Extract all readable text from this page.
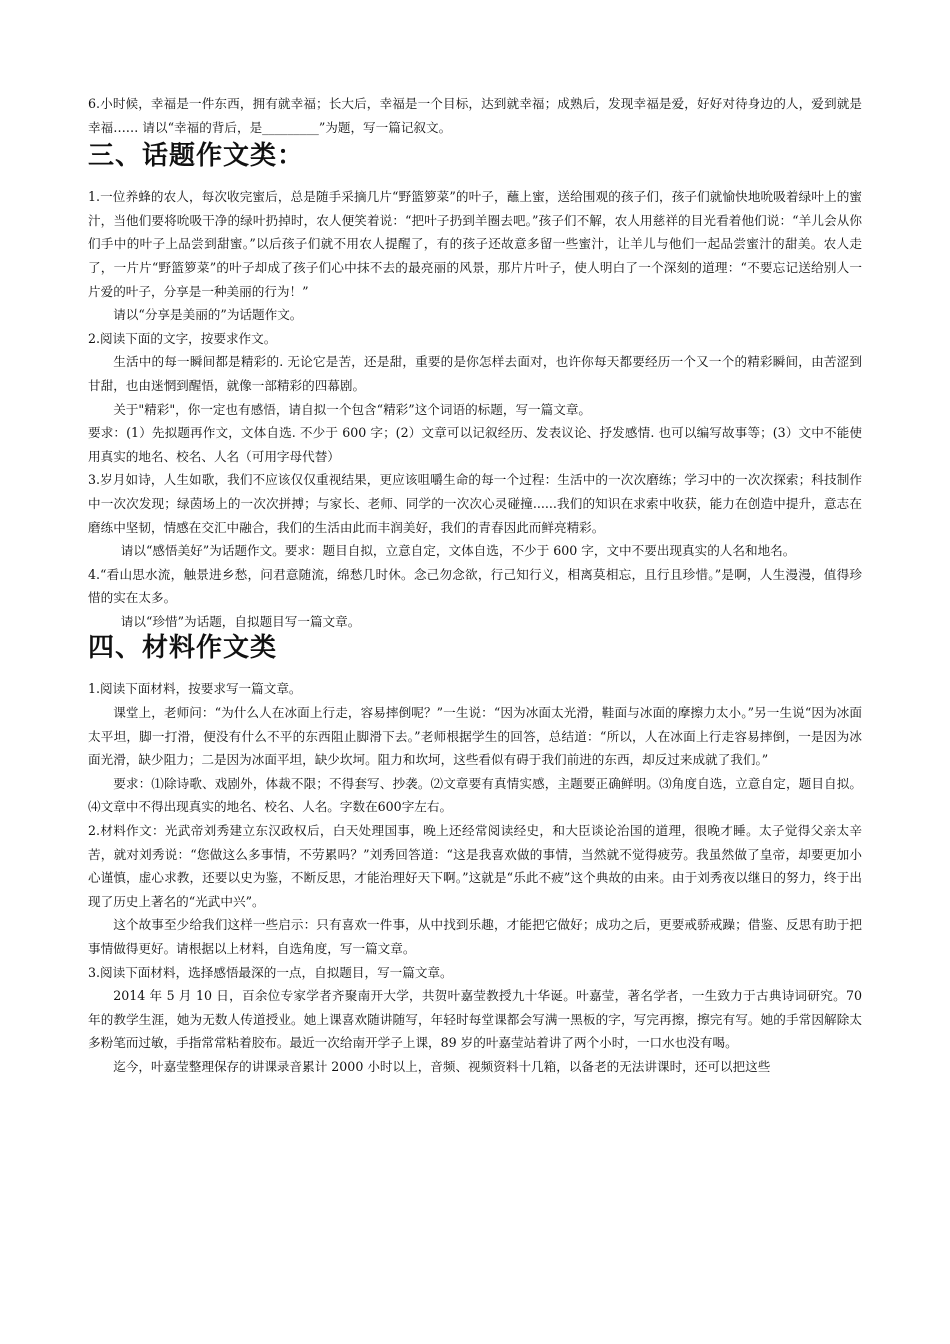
6.小时候，幸福是一件东西，拥有就幸福；长大后，幸福是一个目标，达到就幸福；成熟后，发现幸福是爱，好好对待身边的人，爱到就是幸福…… 请以“幸福的背后，是_________”为题，写一篇记叙文。

三、话题作文类：

1.一位养蜂的农人，每次收完蜜后，总是随手采摘几片“野篮箩菜”的叶子，蘸上蜜，送给围观的孩子们，孩子们就愉快地吮吸着绿叶上的蜜汁，当他们要将吮吸干净的绿叶扔掉时，农人便笑着说：“把叶子扔到羊圈去吧。”孩子们不解，农人用慈祥的目光看着他们说：“羊儿会从你们手中的叶子上品尝到甜蜜。”以后孩子们就不用农人提醒了，有的孩子还故意多留一些蜜汁，让羊儿与他们一起品尝蜜汁的甜美。农人走了，一片片“野篮箩菜”的叶子却成了孩子们心中抹不去的最亮丽的风景，那片片叶子，使人明白了一个深刻的道理：“不要忘记送给别人一片爱的叶子，分享是一种美丽的行为！”

请以“分享是美丽的”为话题作文。

2.阅读下面的文字，按要求作文。

生活中的每一瞬间都是精彩的. 无论它是苦，还是甜，重要的是你怎样去面对，也许你每天都要经历一个又一个的精彩瞬间，由苦涩到甘甜，也由迷惘到醒悟，就像一部精彩的四幕剧。

关于"精彩"，你一定也有感悟，请自拟一个包含“精彩”这个词语的标题，写一篇文章。

要求：(1）先拟题再作文，文体自选. 不少于 600 字；(2）文章可以记叙经历、发表议论、抒发感情. 也可以编写故事等；(3）文中不能使用真实的地名、校名、人名（可用字母代替）

3.岁月如诗，人生如歌，我们不应该仅仅重视结果，更应该咀嚼生命的每一个过程：生活中的一次次磨练；学习中的一次次探索；科技制作中一次次发现；绿茵场上的一次次拼搏；与家长、老师、同学的一次次心灵碰撞......我们的知识在求索中收获，能力在创造中提升，意志在磨练中坚韧，情感在交汇中融合，我们的生活由此而丰润美好，我们的青春因此而鲜亮精彩。

请以“感悟美好”为话题作文。要求：题目自拟，立意自定，文体自选，不少于 600 字，文中不要出现真实的人名和地名。

4.“看山思水流，触景进乡愁，问君意随流，绵愁几时休。念己勿念欲，行己知行义，相离莫相忘，且行且珍惜。”是啊，人生漫漫，值得珍惜的实在太多。

请以“珍惜”为话题，自拟题目写一篇文章。

四、材料作文类

1.阅读下面材料，按要求写一篇文章。

课堂上，老师问：“为什么人在冰面上行走，容易摔倒呢？”一生说：“因为冰面太光滑，鞋面与冰面的摩擦力太小。”另一生说“因为冰面太平坦，脚一打滑，便没有什么不平的东西阻止脚滑下去。”老师根据学生的回答，总结道：“所以，人在冰面上行走容易摔倒，一是因为冰面光滑，缺少阻力；二是因为冰面平坦，缺少坎坷。阻力和坎坷，这些看似有碍于我们前进的东西，却反过来成就了我们。”

要求：⑴除诗歌、戏剧外，体裁不限；不得套写、抄袭。⑵文章要有真情实感，主题要正确鲜明。⑶角度自选，立意自定，题目自拟。⑷文章中不得出现真实的地名、校名、人名。字数在600字左右。

2.材料作文：光武帝刘秀建立东汉政权后，白天处理国事，晚上还经常阅读经史，和大臣谈论治国的道理，很晚才睡。太子觉得父亲太辛苦，就对刘秀说：“您做这么多事情，不劳累吗？”刘秀回答道：“这是我喜欢做的事情，当然就不觉得疲劳。我虽然做了皇帝，却要更加小心谨慎，虚心求教，还要以史为鉴，不断反思，才能治理好天下啊。”这就是“乐此不疲”这个典故的由来。由于刘秀夜以继日的努力，终于出现了历史上著名的“光武中兴”。

这个故事至少给我们这样一些启示：只有喜欢一件事，从中找到乐趣，才能把它做好；成功之后，更要戒骄戒躁；借鉴、反思有助于把事情做得更好。请根据以上材料，自选角度，写一篇文章。

3.阅读下面材料，选择感悟最深的一点，自拟题目，写一篇文章。

2014 年 5 月 10 日，百余位专家学者齐聚南开大学，共贺叶嘉莹教授九十华诞。叶嘉莹，著名学者，一生致力于古典诗词研究。70 年的教学生涯，她为无数人传道授业。她上课喜欢随讲随写，年轻时每堂课都会写满一黑板的字，写完再擦，擦完有写。她的手常因解除太多粉笔而过敏，手指常常粘着胶布。最近一次给南开学子上课，89 岁的叶嘉莹站着讲了两个小时，一口水也没有喝。

迄今，叶嘉莹整理保存的讲课录音累计 2000 小时以上，音频、视频资料十几箱，以备老的无法讲课时，还可以把这些
